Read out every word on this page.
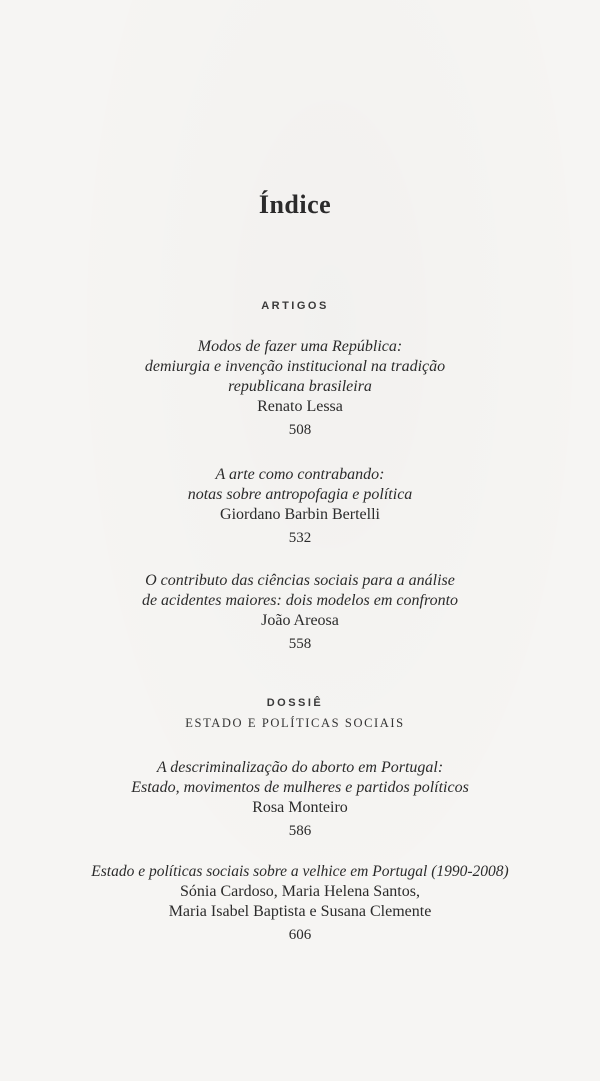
Índice
ARTIGOS
Modos de fazer uma República:
demiurgia e invenção institucional na tradição
republicana brasileira
Renato Lessa
508
A arte como contrabando:
notas sobre antropofagia e política
Giordano Barbin Bertelli
532
O contributo das ciências sociais para a análise
de acidentes maiores: dois modelos em confronto
João Areosa
558
DOSSIÊ
ESTADO E POLÍTICAS SOCIAIS
A descriminalização do aborto em Portugal:
Estado, movimentos de mulheres e partidos políticos
Rosa Monteiro
586
Estado e políticas sociais sobre a velhice em Portugal (1990-2008)
Sónia Cardoso, Maria Helena Santos,
Maria Isabel Baptista e Susana Clemente
606
